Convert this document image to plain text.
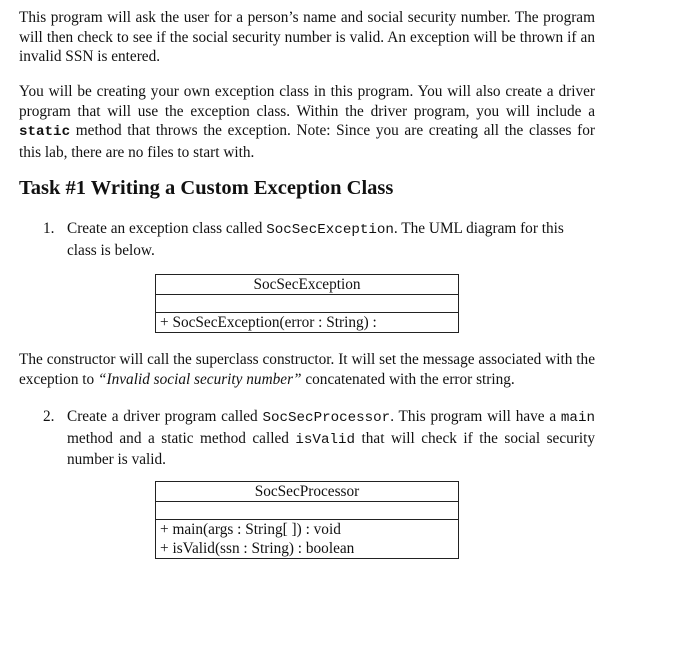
This program will ask the user for a person’s name and social security number. The program will then check to see if the social security number is valid. An exception will be thrown if an invalid SSN is entered.
You will be creating your own exception class in this program. You will also create a driver program that will use the exception class. Within the driver program, you will include a static method that throws the exception. Note: Since you are creating all the classes for this lab, there are no files to start with.
Task #1 Writing a Custom Exception Class
1. Create an exception class called SocSecException. The UML diagram for this class is below.
SocSecException
+ SocSecException(error : String) :
The constructor will call the superclass constructor. It will set the message associated with the exception to “Invalid social security number” concatenated with the error string.
2. Create a driver program called SocSecProcessor. This program will have a main method and a static method called isValid that will check if the social security number is valid.
SocSecProcessor
+ main(args : String[ ]) : void
+ isValid(ssn : String) : boolean
